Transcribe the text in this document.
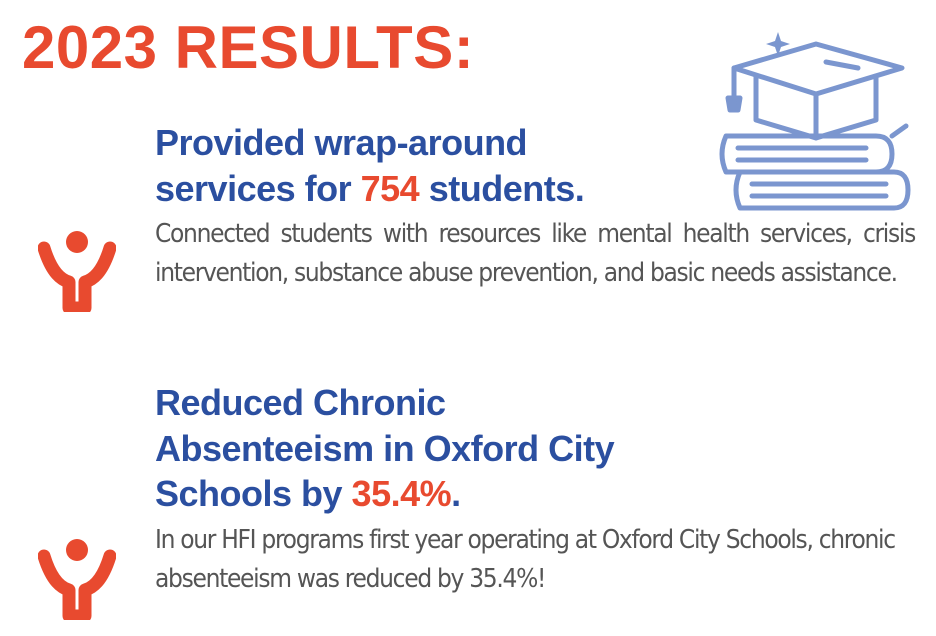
2023 RESULTS:
Provided wrap-around
services for 754 students.

Connected students with resources like mental health services, crisis intervention, substance abuse prevention, and basic needs assistance.

Reduced Chronic
Absenteeism in Oxford City
Schools by 35.4%.

In our HFI programs first year operating at Oxford City Schools, chronic absenteeism was reduced by 35.4%!
